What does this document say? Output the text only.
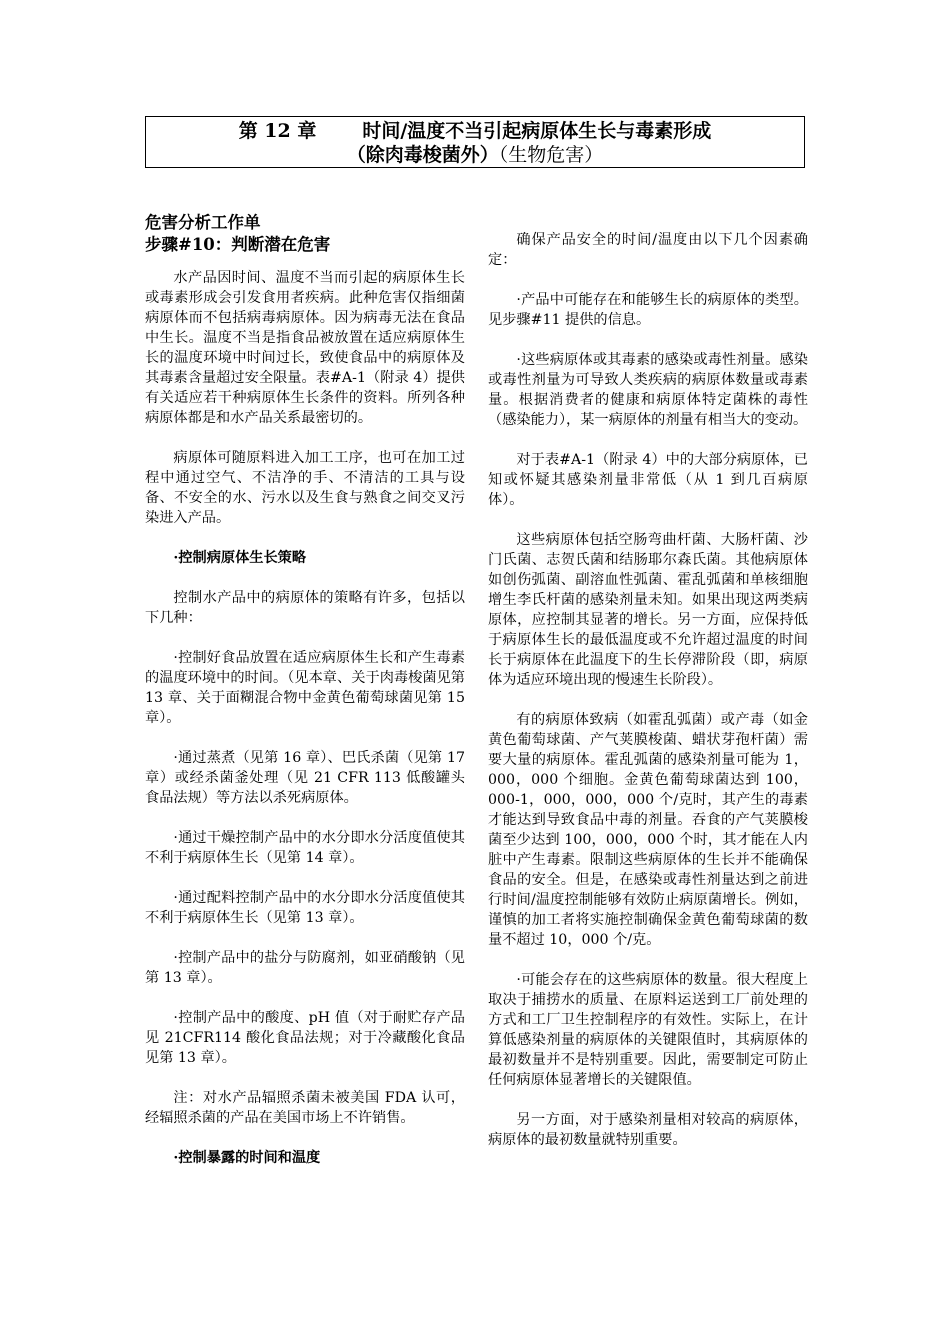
第 12 章 时间/温度不当引起病原体生长与毒素形成
（除肉毒梭菌外）（生物危害）
危害分析工作单
步骤#10：判断潜在危害

水产品因时间、温度不当而引起的病原体生长或毒素形成会引发食用者疾病。此种危害仅指细菌病原体而不包括病毒病原体。因为病毒无法在食品中生长。温度不当是指食品被放置在适应病原体生长的温度环境中时间过长，致使食品中的病原体及其毒素含量超过安全限量。表#A-1（附录 4）提供有关适应若干种病原体生长条件的资料。所列各种病原体都是和水产品关系最密切的。

病原体可随原料进入加工工序，也可在加工过程中通过空气、不洁净的手、不清洁的工具与设备、不安全的水、污水以及生食与熟食之间交叉污染进入产品。

·控制病原体生长策略

控制水产品中的病原体的策略有许多，包括以下几种：

·控制好食品放置在适应病原体生长和产生毒素的温度环境中的时间。（见本章、关于肉毒梭菌见第 13 章、关于面糊混合物中金黄色葡萄球菌见第 15 章）。

·通过蒸煮（见第 16 章）、巴氏杀菌（见第 17 章）或经杀菌釜处理（见 21 CFR 113 低酸罐头食品法规）等方法以杀死病原体。

·通过干燥控制产品中的水分即水分活度值使其不利于病原体生长（见第 14 章）。

·通过配料控制产品中的水分即水分活度值使其不利于病原体生长（见第 13 章）。

·控制产品中的盐分与防腐剂，如亚硝酸钠（见第 13 章）。

·控制产品中的酸度、pH 值（对于耐贮存产品 见 21CFR114 酸化食品法规；对于冷藏酸化食品 见第 13 章）。

注：对水产品辐照杀菌未被美国 FDA 认可，经辐照杀菌的产品在美国市场上不许销售。

·控制暴露的时间和温度

确保产品安全的时间/温度由以下几个因素确定：

·产品中可能存在和能够生长的病原体的类型。见步骤#11 提供的信息。

·这些病原体或其毒素的感染或毒性剂量。感染或毒性剂量为可导致人类疾病的病原体数量或毒素量。根据消费者的健康和病原体特定菌株的毒性（感染能力），某一病原体的剂量有相当大的变动。

对于表#A-1（附录 4）中的大部分病原体，已知或怀疑其感染剂量非常低（从 1 到几百病原体）。

这些病原体包括空肠弯曲杆菌、大肠杆菌、沙门氏菌、志贺氏菌和结肠耶尔森氏菌。其他病原体如创伤弧菌、副溶血性弧菌、霍乱弧菌和单核细胞增生李氏杆菌的感染剂量未知。如果出现这两类病原体，应控制其显著的增长。另一方面，应保持低于病原体生长的最低温度或不允许超过温度的时间长于病原体在此温度下的生长停滞阶段（即，病原体为适应环境出现的慢速生长阶段）。

有的病原体致病（如霍乱弧菌）或产毒（如金黄色葡萄球菌、产气荚膜梭菌、蜡状芽孢杆菌）需要大量的病原体。霍乱弧菌的感染剂量可能为 1，000，000 个细胞。金黄色葡萄球菌达到 100， 000-1，000，000，000 个/克时，其产生的毒素才能达到导致食品中毒的剂量。吞食的产气荚膜梭菌至少达到 100，000，000 个时，其才能在人内脏中产生毒素。限制这些病原体的生长并不能确保食品的安全。但是，在感染或毒性剂量达到之前进行时间/温度控制能够有效防止病原菌增长。例如，谨慎的加工者将实施控制确保金黄色葡萄球菌的数量不超过 10，000 个/克。

·可能会存在的这些病原体的数量。很大程度上取决于捕捞水的质量、在原料运送到工厂前处理的方式和工厂卫生控制程序的有效性。实际上，在计算低感染剂量的病原体的关键限值时，其病原体的最初数量并不是特别重要。因此，需要制定可防止任何病原体显著增长的关键限值。

另一方面，对于感染剂量相对较高的病原体，病原体的最初数量就特别重要。
